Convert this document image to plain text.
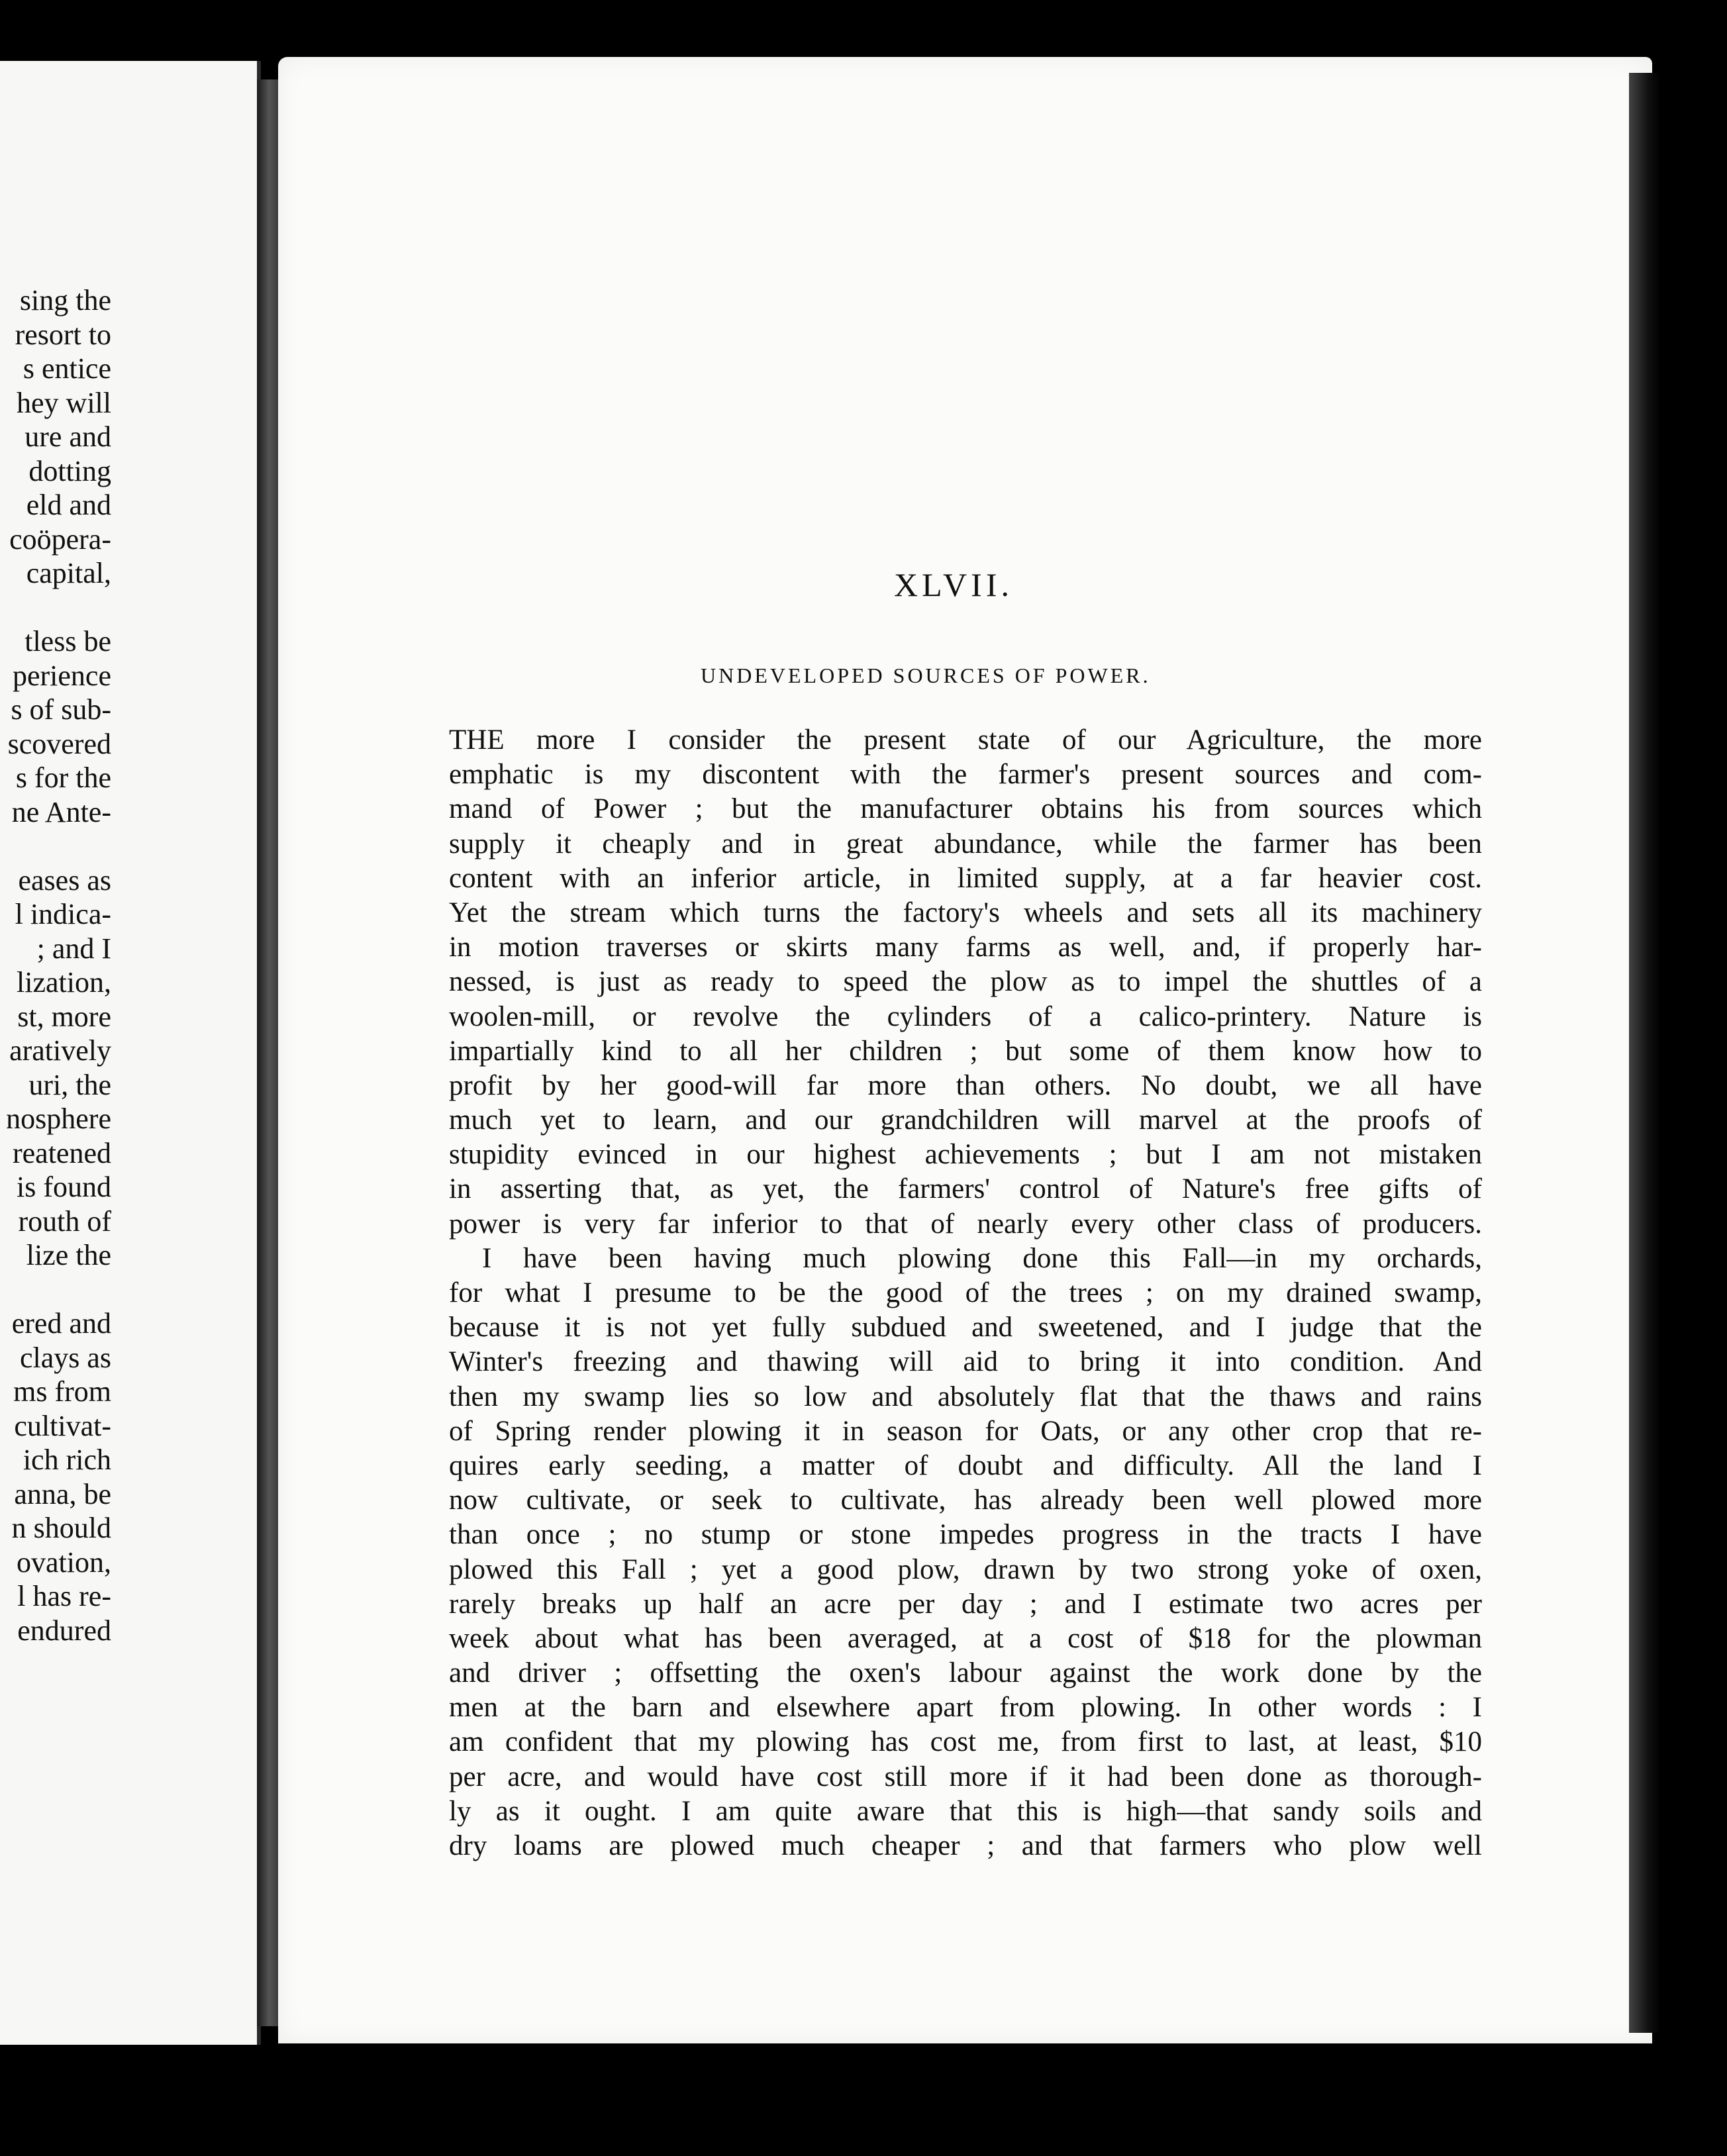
sing the
resort to
s entice
hey will
ure and
dotting
eld and
coöpera-
capital,
tless be
perience
s of sub-
scovered
s for the
ne Ante-
eases as
l indica-
; and I
lization,
st, more
aratively
uri, the
nosphere
reatened
is found
routh of
lize the
ered and
clays as
ms from
cultivat-
ich rich
anna, be
n should
ovation,
l has re-
endured
XLVII.
UNDEVELOPED SOURCES OF POWER.
THE more I consider the present state of our Agriculture, the more
emphatic is my discontent with the farmer's present sources and com-
mand of Power ; but the manufacturer obtains his from sources which
supply it cheaply and in great abundance, while the farmer has been
content with an inferior article, in limited supply, at a far heavier cost.
Yet the stream which turns the factory's wheels and sets all its machinery
in motion traverses or skirts many farms as well, and, if properly har-
nessed, is just as ready to speed the plow as to impel the shuttles of a
woolen-mill, or revolve the cylinders of a calico-printery. Nature is
impartially kind to all her children ; but some of them know how to
profit by her good-will far more than others. No doubt, we all have
much yet to learn, and our grandchildren will marvel at the proofs of
stupidity evinced in our highest achievements ; but I am not mistaken
in asserting that, as yet, the farmers' control of Nature's free gifts of
power is very far inferior to that of nearly every other class of producers.
I have been having much plowing done this Fall—in my orchards,
for what I presume to be the good of the trees ; on my drained swamp,
because it is not yet fully subdued and sweetened, and I judge that the
Winter's freezing and thawing will aid to bring it into condition. And
then my swamp lies so low and absolutely flat that the thaws and rains
of Spring render plowing it in season for Oats, or any other crop that re-
quires early seeding, a matter of doubt and difficulty. All the land I
now cultivate, or seek to cultivate, has already been well plowed more
than once ; no stump or stone impedes progress in the tracts I have
plowed this Fall ; yet a good plow, drawn by two strong yoke of oxen,
rarely breaks up half an acre per day ; and I estimate two acres per
week about what has been averaged, at a cost of $18 for the plowman
and driver ; offsetting the oxen's labour against the work done by the
men at the barn and elsewhere apart from plowing. In other words : I
am confident that my plowing has cost me, from first to last, at least, $10
per acre, and would have cost still more if it had been done as thorough-
ly as it ought. I am quite aware that this is high—that sandy soils and
dry loams are plowed much cheaper ; and that farmers who plow well
